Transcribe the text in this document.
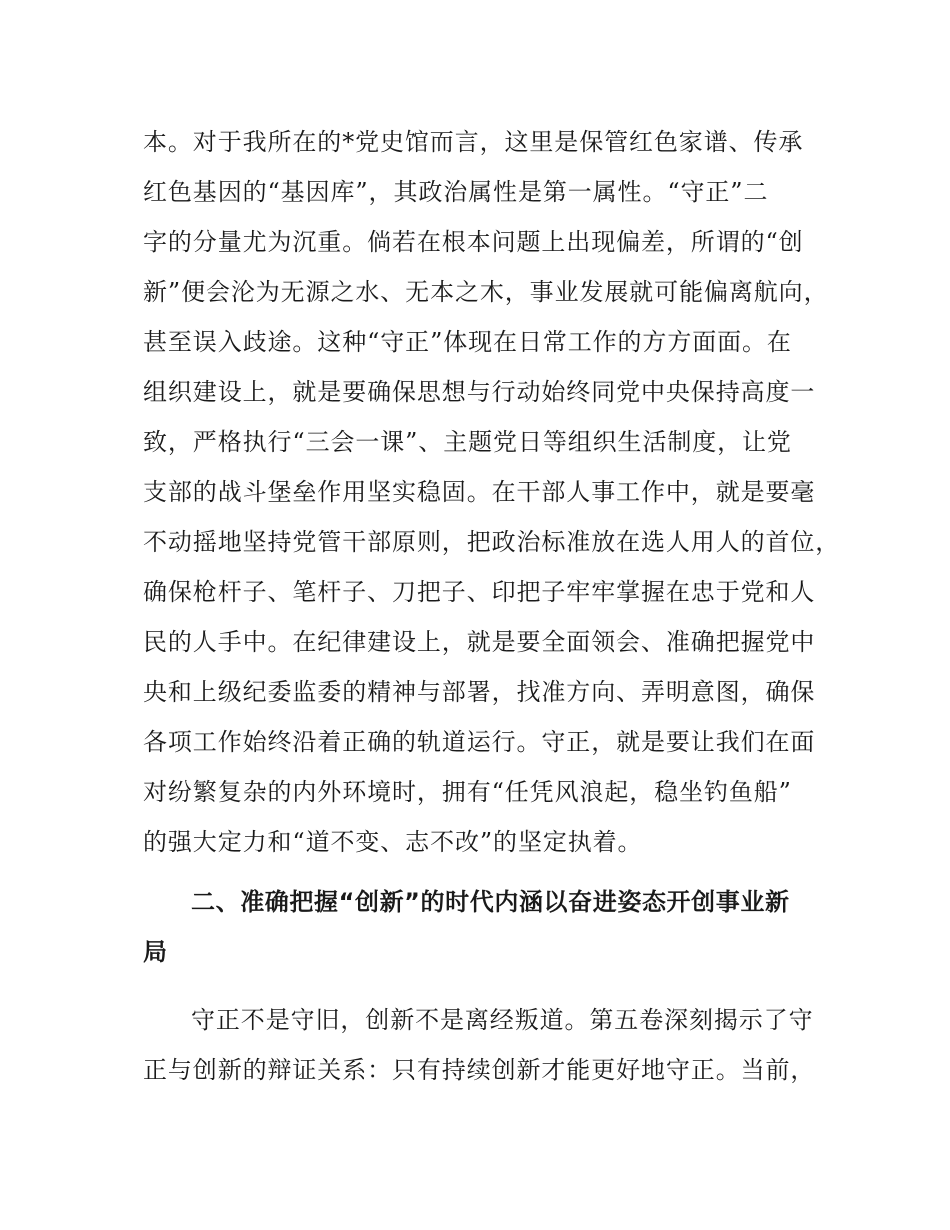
本。对于我所在的*党史馆而言，这里是保管红色家谱、传承
红色基因的“基因库”，其政治属性是第一属性。“守正”二
字的分量尤为沉重。倘若在根本问题上出现偏差，所谓的“创
新”便会沦为无源之水、无本之木，事业发展就可能偏离航向，
甚至误入歧途。这种“守正”体现在日常工作的方方面面。在
组织建设上，就是要确保思想与行动始终同党中央保持高度一
致，严格执行“三会一课”、主题党日等组织生活制度，让党
支部的战斗堡垒作用坚实稳固。在干部人事工作中，就是要毫
不动摇地坚持党管干部原则，把政治标准放在选人用人的首位，
确保枪杆子、笔杆子、刀把子、印把子牢牢掌握在忠于党和人
民的人手中。在纪律建设上，就是要全面领会、准确把握党中
央和上级纪委监委的精神与部署，找准方向、弄明意图，确保
各项工作始终沿着正确的轨道运行。守正，就是要让我们在面
对纷繁复杂的内外环境时，拥有“任凭风浪起，稳坐钓鱼船”
的强大定力和“道不变、志不改”的坚定执着。
二、准确把握“创新”的时代内涵以奋进姿态开创事业新
局
守正不是守旧，创新不是离经叛道。第五卷深刻揭示了守
正与创新的辩证关系：只有持续创新才能更好地守正。当前，
